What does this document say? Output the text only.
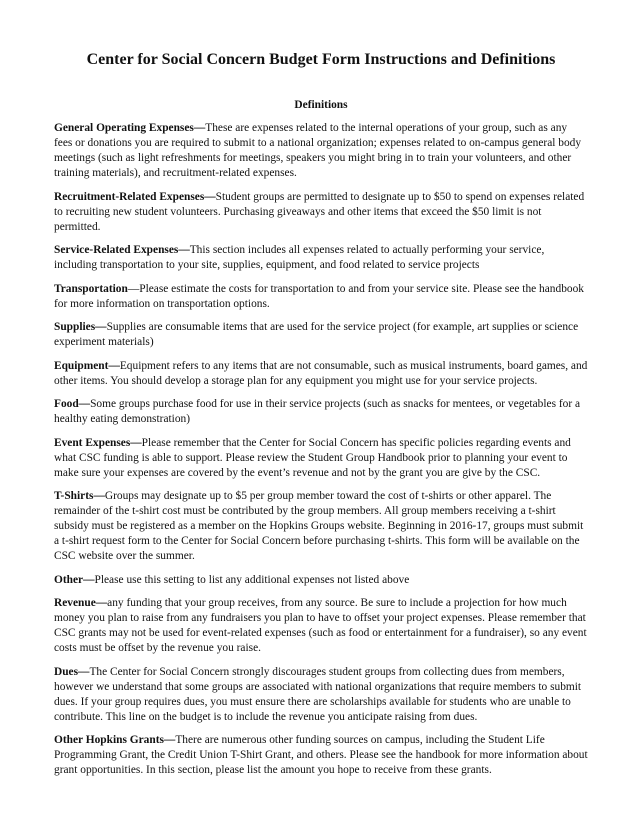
Center for Social Concern Budget Form Instructions and Definitions
Definitions

General Operating Expenses—These are expenses related to the internal operations of your group, such as any fees or donations you are required to submit to a national organization; expenses related to on-campus general body meetings (such as light refreshments for meetings, speakers you might bring in to train your volunteers, and other training materials), and recruitment-related expenses.

Recruitment-Related Expenses—Student groups are permitted to designate up to $50 to spend on expenses related to recruiting new student volunteers. Purchasing giveaways and other items that exceed the $50 limit is not permitted.

Service-Related Expenses—This section includes all expenses related to actually performing your service, including transportation to your site, supplies, equipment, and food related to service projects

Transportation—Please estimate the costs for transportation to and from your service site. Please see the handbook for more information on transportation options.

Supplies—Supplies are consumable items that are used for the service project (for example, art supplies or science experiment materials)

Equipment—Equipment refers to any items that are not consumable, such as musical instruments, board games, and other items. You should develop a storage plan for any equipment you might use for your service projects.

Food—Some groups purchase food for use in their service projects (such as snacks for mentees, or vegetables for a healthy eating demonstration)

Event Expenses—Please remember that the Center for Social Concern has specific policies regarding events and what CSC funding is able to support. Please review the Student Group Handbook prior to planning your event to make sure your expenses are covered by the event’s revenue and not by the grant you are give by the CSC.

T-Shirts—Groups may designate up to $5 per group member toward the cost of t-shirts or other apparel. The remainder of the t-shirt cost must be contributed by the group members. All group members receiving a t-shirt subsidy must be registered as a member on the Hopkins Groups website. Beginning in 2016-17, groups must submit a t-shirt request form to the Center for Social Concern before purchasing t-shirts. This form will be available on the CSC website over the summer.

Other—Please use this setting to list any additional expenses not listed above

Revenue—any funding that your group receives, from any source. Be sure to include a projection for how much money you plan to raise from any fundraisers you plan to have to offset your project expenses. Please remember that CSC grants may not be used for event-related expenses (such as food or entertainment for a fundraiser), so any event costs must be offset by the revenue you raise.

Dues—The Center for Social Concern strongly discourages student groups from collecting dues from members, however we understand that some groups are associated with national organizations that require members to submit dues. If your group requires dues, you must ensure there are scholarships available for students who are unable to contribute. This line on the budget is to include the revenue you anticipate raising from dues.

Other Hopkins Grants—There are numerous other funding sources on campus, including the Student Life Programming Grant, the Credit Union T-Shirt Grant, and others. Please see the handbook for more information about grant opportunities. In this section, please list the amount you hope to receive from these grants.
